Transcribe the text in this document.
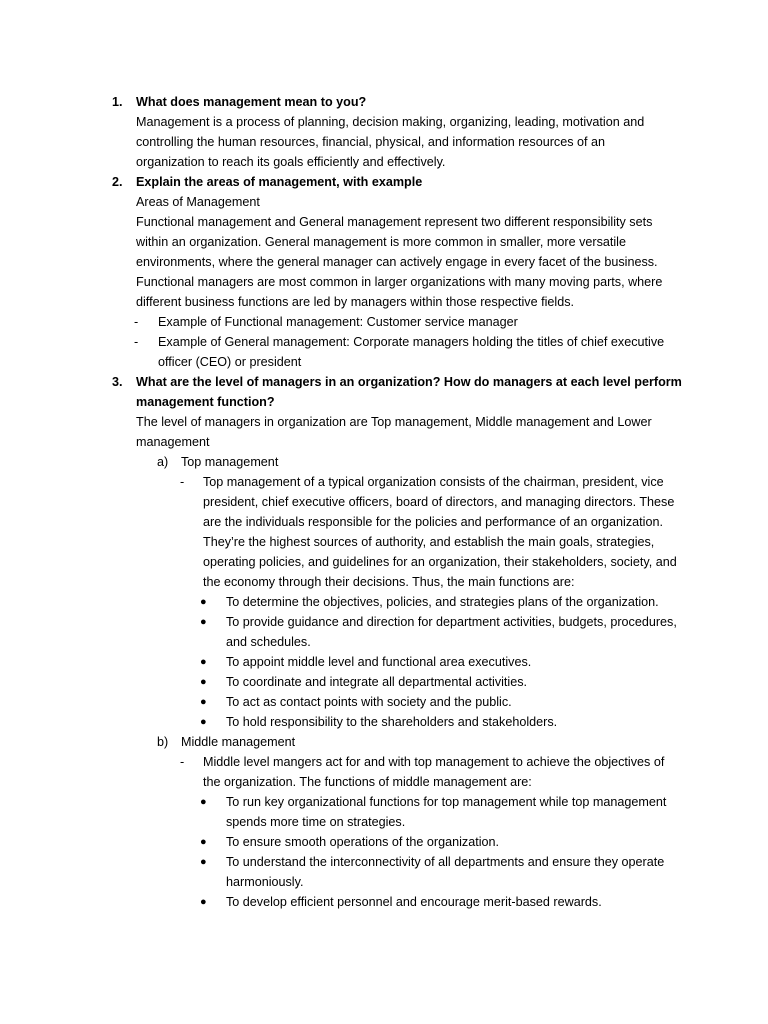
1. What does management mean to you?
Management is a process of planning, decision making, organizing, leading, motivation and controlling the human resources, financial, physical, and information resources of an organization to reach its goals efficiently and effectively.
2. Explain the areas of management, with example
Areas of Management
Functional management and General management represent two different responsibility sets within an organization. General management is more common in smaller, more versatile environments, where the general manager can actively engage in every facet of the business. Functional managers are most common in larger organizations with many moving parts, where different business functions are led by managers within those respective fields.
- Example of Functional management: Customer service manager
- Example of General management: Corporate managers holding the titles of chief executive officer (CEO) or president
3. What are the level of managers in an organization? How do managers at each level perform management function?
The level of managers in organization are Top management, Middle management and Lower management
a) Top management
- Top management of a typical organization consists of the chairman, president, vice president, chief executive officers, board of directors, and managing directors. These are the individuals responsible for the policies and performance of an organization. They’re the highest sources of authority, and establish the main goals, strategies, operating policies, and guidelines for an organization, their stakeholders, society, and the economy through their decisions. Thus, the main functions are:
● To determine the objectives, policies, and strategies plans of the organization.
● To provide guidance and direction for department activities, budgets, procedures, and schedules.
● To appoint middle level and functional area executives.
● To coordinate and integrate all departmental activities.
● To act as contact points with society and the public.
● To hold responsibility to the shareholders and stakeholders.
b) Middle management
- Middle level mangers act for and with top management to achieve the objectives of the organization. The functions of middle management are:
● To run key organizational functions for top management while top management spends more time on strategies.
● To ensure smooth operations of the organization.
● To understand the interconnectivity of all departments and ensure they operate harmoniously.
● To develop efficient personnel and encourage merit-based rewards.
